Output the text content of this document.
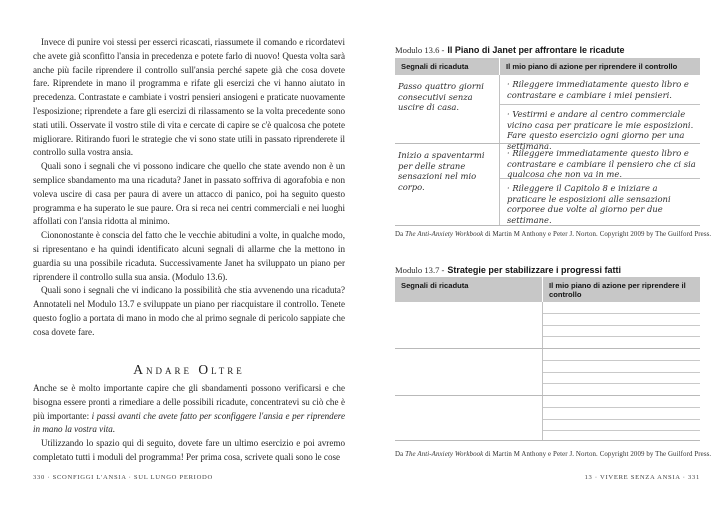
Invece di punire voi stessi per esserci ricascati, riassumete il comando e ricordatevi che avete già sconfitto l'ansia in precedenza e potete farlo di nuovo! Questa volta sarà anche più facile riprendere il controllo sull'ansia perché sapete già che cosa dovete fare. Riprendete in mano il programma e rifate gli esercizi che vi hanno aiutato in precedenza. Contrastate e cambiate i vostri pensieri ansiogeni e praticate nuovamente l'esposizione; riprendete a fare gli esercizi di rilassamento se la volta precedente sono stati utili. Osservate il vostro stile di vita e cercate di capire se c'è qualcosa che potete migliorare. Ritirando fuori le strategie che vi sono state utili in passato riprenderete il controllo sulla vostra ansia.

Quali sono i segnali che vi possono indicare che quello che state avendo non è un semplice sbandamento ma una ricaduta? Janet in passato soffriva di agorafobia e non voleva uscire di casa per paura di avere un attacco di panico, poi ha seguito questo programma e ha superato le sue paure. Ora si reca nei centri commerciali e nei luoghi affollati con l'ansia ridotta al minimo.

Ciononostante è conscia del fatto che le vecchie abitudini a volte, in qualche modo, si ripresentano e ha quindi identificato alcuni segnali di allarme che la mettono in guardia su una possibile ricaduta. Successivamente Janet ha sviluppato un piano per riprendere il controllo sulla sua ansia. (Modulo 13.6).

Quali sono i segnali che vi indicano la possibilità che stia avvenendo una ricaduta? Annotateli nel Modulo 13.7 e sviluppate un piano per riacquistare il controllo. Tenete questo foglio a portata di mano in modo che al primo segnale di pericolo sappiate che cosa dovete fare.

Andare Oltre

Anche se è molto importante capire che gli sbandamenti possono verificarsi e che bisogna essere pronti a rimediare a delle possibili ricadute, concentratevi su ciò che è più importante: i passi avanti che avete fatto per sconfiggere l'ansia e per riprendere in mano la vostra vita.

Utilizzando lo spazio qui di seguito, dovete fare un ultimo esercizio e poi avremo completato tutti i moduli del programma! Per prima cosa, scrivete quali sono le cose

330 · SCONFIGGI L'ANSIA · SUL LUNGO PERIODO
Modulo 13.6 - Il Piano di Janet per affrontare le ricadute
Segnali di ricaduta	Il mio piano di azione per riprendere il controllo
Passo quattro giorni consecutivi senza uscire di casa.
· Rileggere immediatamente questo libro e contrastare e cambiare i miei pensieri.
· Vestirmi e andare al centro commerciale vicino casa per praticare le mie esposizioni. Fare questo esercizio ogni giorno per una settimana.
Inizio a spaventarmi per delle strane sensazioni nel mio corpo.
· Rileggere immediatamente questo libro e contrastare e cambiare il pensiero che ci sia qualcosa che non va in me.
· Rileggere il Capitolo 8 e iniziare a praticare le esposizioni alle sensazioni corporee due volte al giorno per due settimane.
Da The Anti-Anxiety Workbook di Martin M Anthony e Peter J. Norton. Copyright 2009 by The Guilford Press.
Modulo 13.7 - Strategie per stabilizzare i progressi fatti
Segnali di ricaduta	Il mio piano di azione per riprendere il controllo
Da The Anti-Anxiety Workbook di Martin M Anthony e Peter J. Norton. Copyright 2009 by The Guilford Press.
13 · VIVERE SENZA ANSIA · 331
